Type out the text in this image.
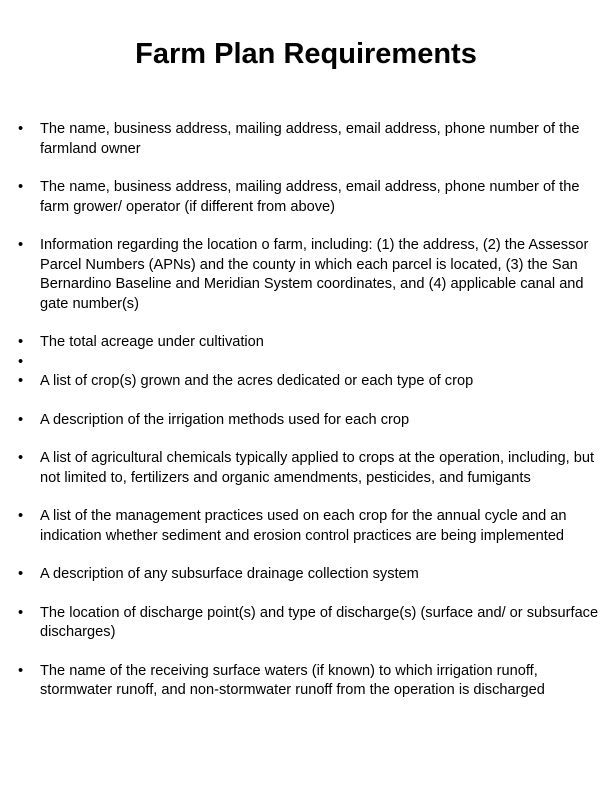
Farm Plan Requirements
•	The name, business address, mailing address, email address, phone number of the farmland owner
•	The name, business address, mailing address, email address, phone number of the farm grower/ operator (if different from above)
•	Information regarding the location o farm, including: (1) the address, (2) the Assessor Parcel Numbers (APNs) and the county in which each parcel is located, (3) the San Bernardino Baseline and Meridian System coordinates, and (4) applicable canal and gate number(s)
•	The total acreage under cultivation
•

•	A list of crop(s) grown and the acres dedicated or each type of crop
•	A description of the irrigation methods used for each crop
•	A list of agricultural chemicals typically applied to crops at the operation, including, but not limited to, fertilizers and organic amendments, pesticides, and fumigants
•	A list of the management practices used on each crop for the annual cycle and an indication whether sediment and erosion control practices are being implemented
•	A description of any subsurface drainage collection system
•	The location of discharge point(s) and type of discharge(s) (surface and/ or subsurface discharges)
•	The name of the receiving surface waters (if known) to which irrigation runoff, stormwater runoff, and non-stormwater runoff from the operation is discharged
